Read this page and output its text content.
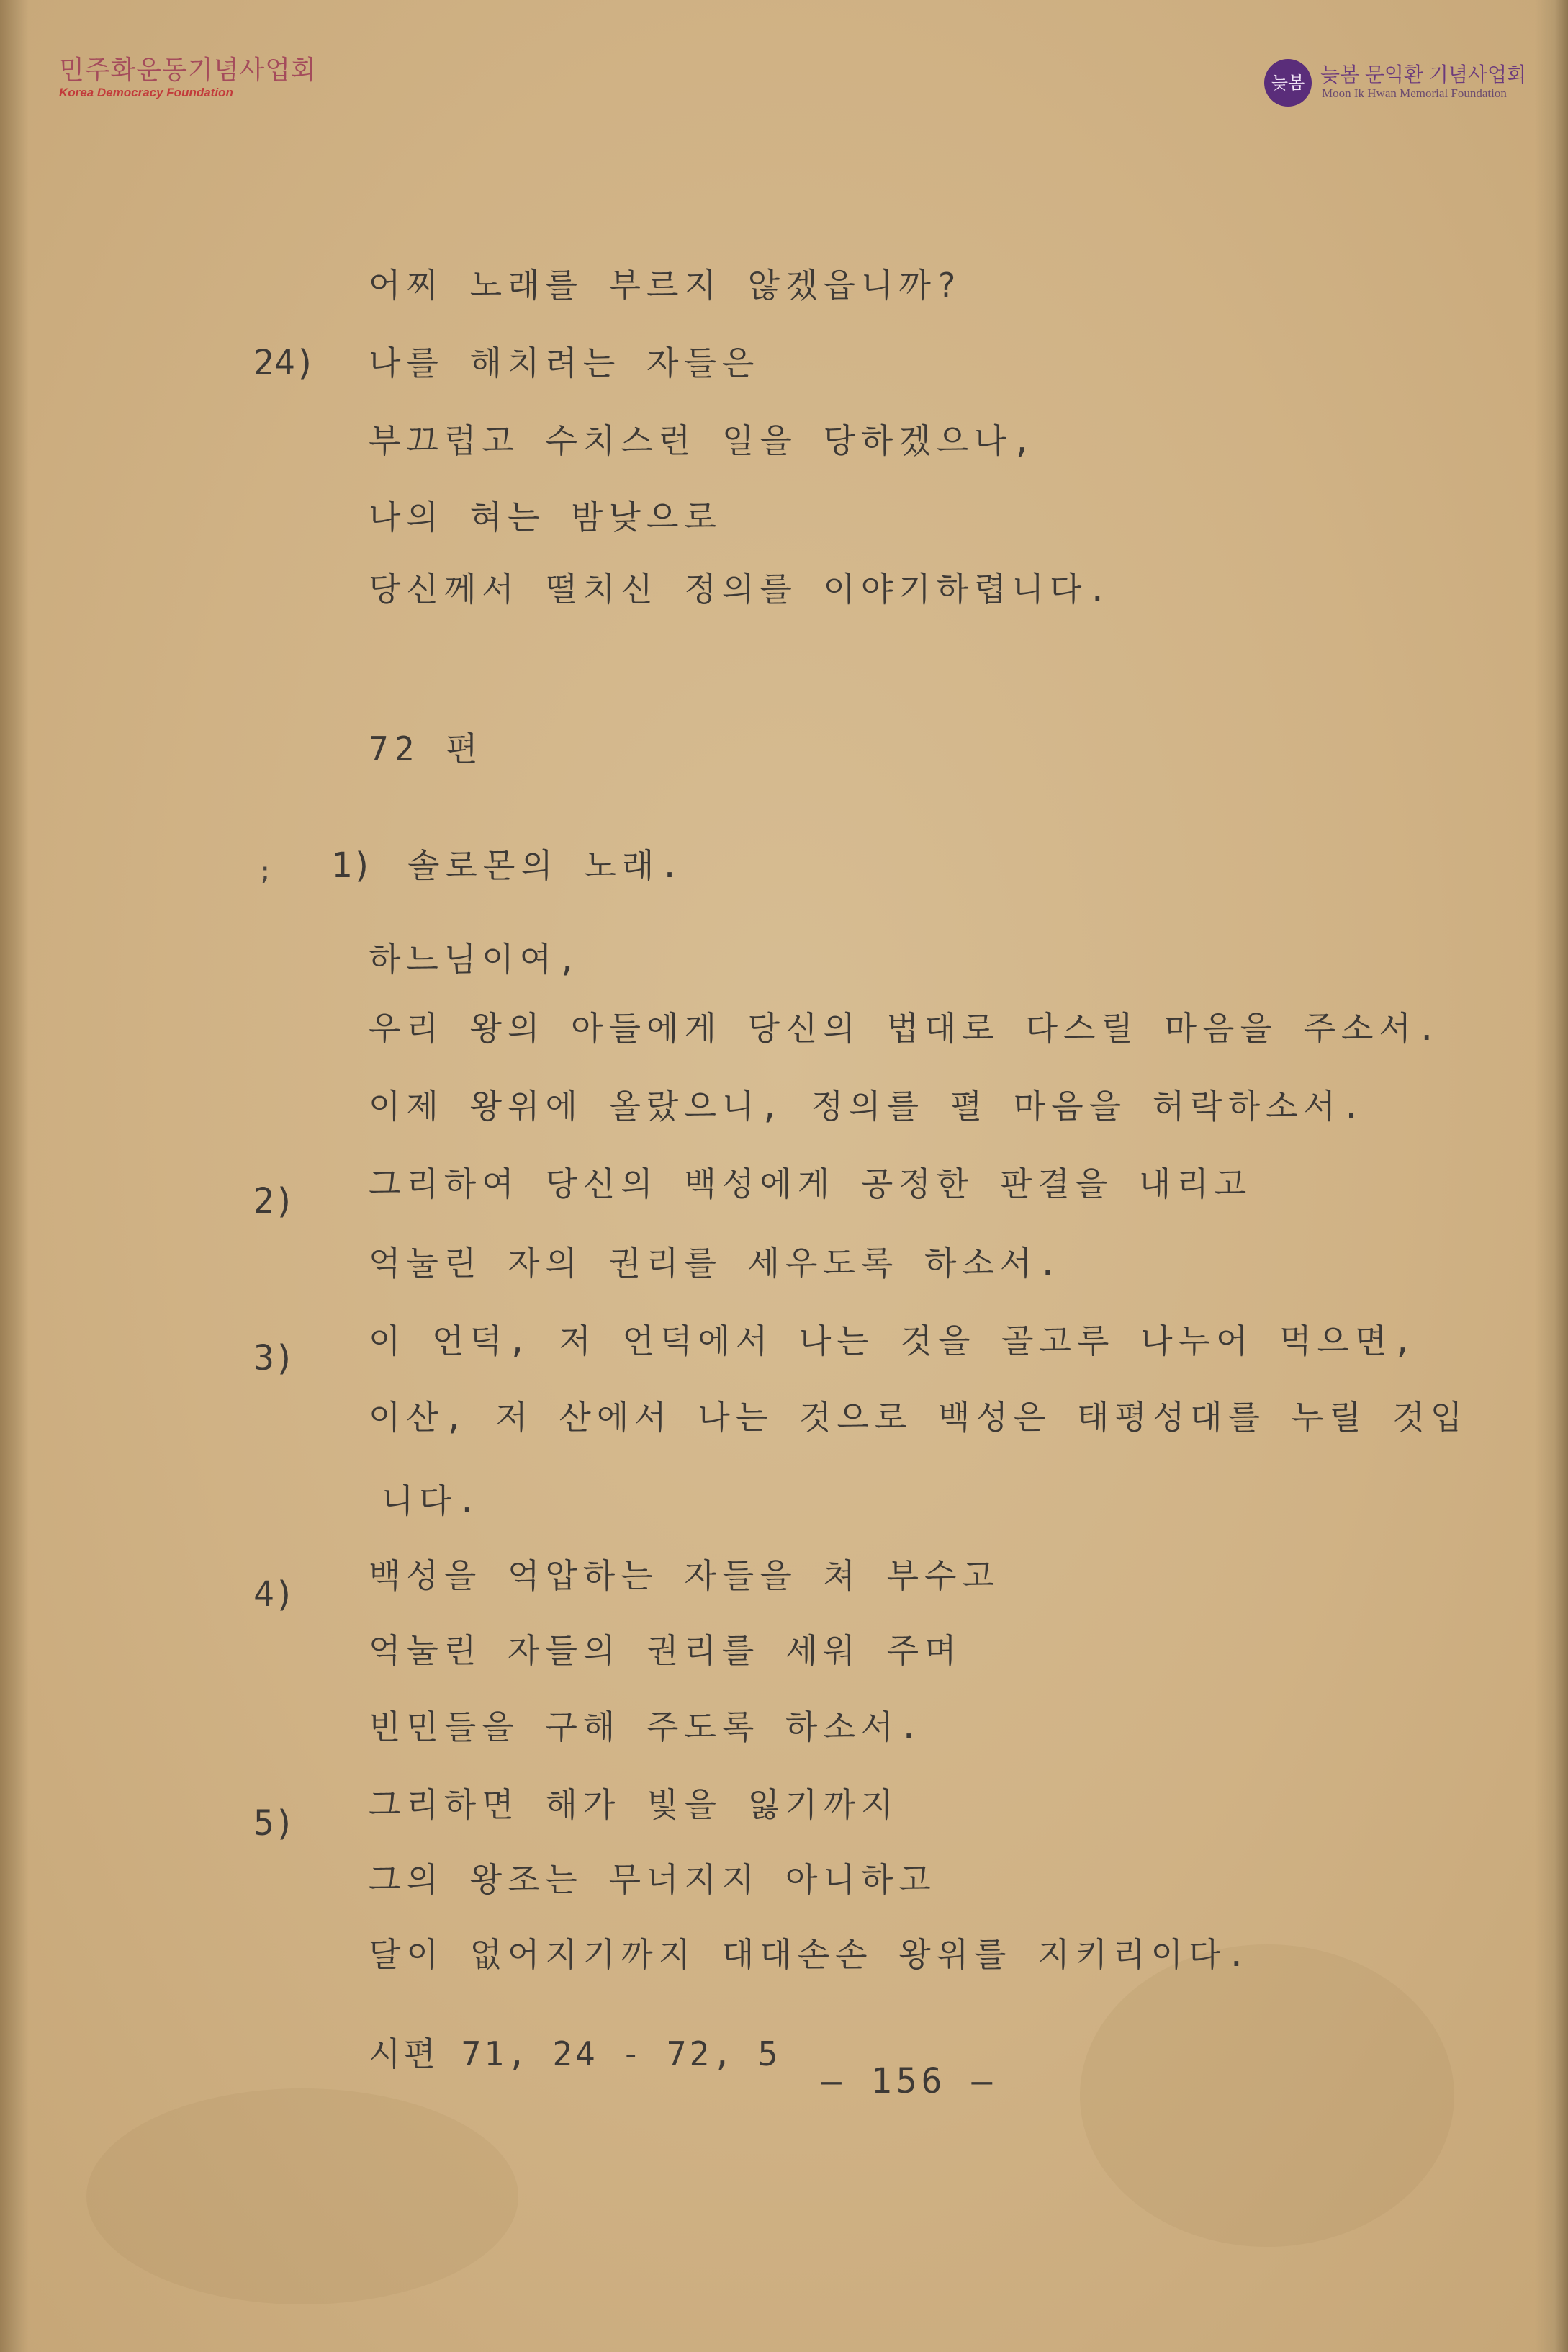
민주화운동기념사업회
Korea Democracy Foundation	늦봄 늦봄 문익환 기념사업회
Moon Ik Hwan Memorial Foundation
어찌 노래를 부르지 않겠읍니까?
24) 나를 해치려는 자들은
부끄럽고 수치스런 일을 당하겠으나,
나의 혀는 밤낮으로
당신께서 떨치신 정의를 이야기하렵니다.
72 편
; 1) 솔로몬의 노래.
하느님이여,
우리 왕의 아들에게 당신의 법대로 다스릴 마음을 주소서.
이제 왕위에 올랐으니, 정의를 펼 마음을 허락하소서.
2) 그리하여 당신의 백성에게 공정한 판결을 내리고
억눌린 자의 권리를 세우도록 하소서.
3) 이 언덕, 저 언덕에서 나는 것을 골고루 나누어 먹으면,
이산, 저 산에서 나는 것으로 백성은 태평성대를 누릴 것입
니다.
4) 백성을 억압하는 자들을 쳐 부수고
억눌린 자들의 권리를 세워 주며
빈민들을 구해 주도록 하소서.
5) 그리하면 해가 빛을 잃기까지
그의 왕조는 무너지지 아니하고
달이 없어지기까지 대대손손 왕위를 지키리이다.
시편 71, 24 - 72, 5
— 156 —
